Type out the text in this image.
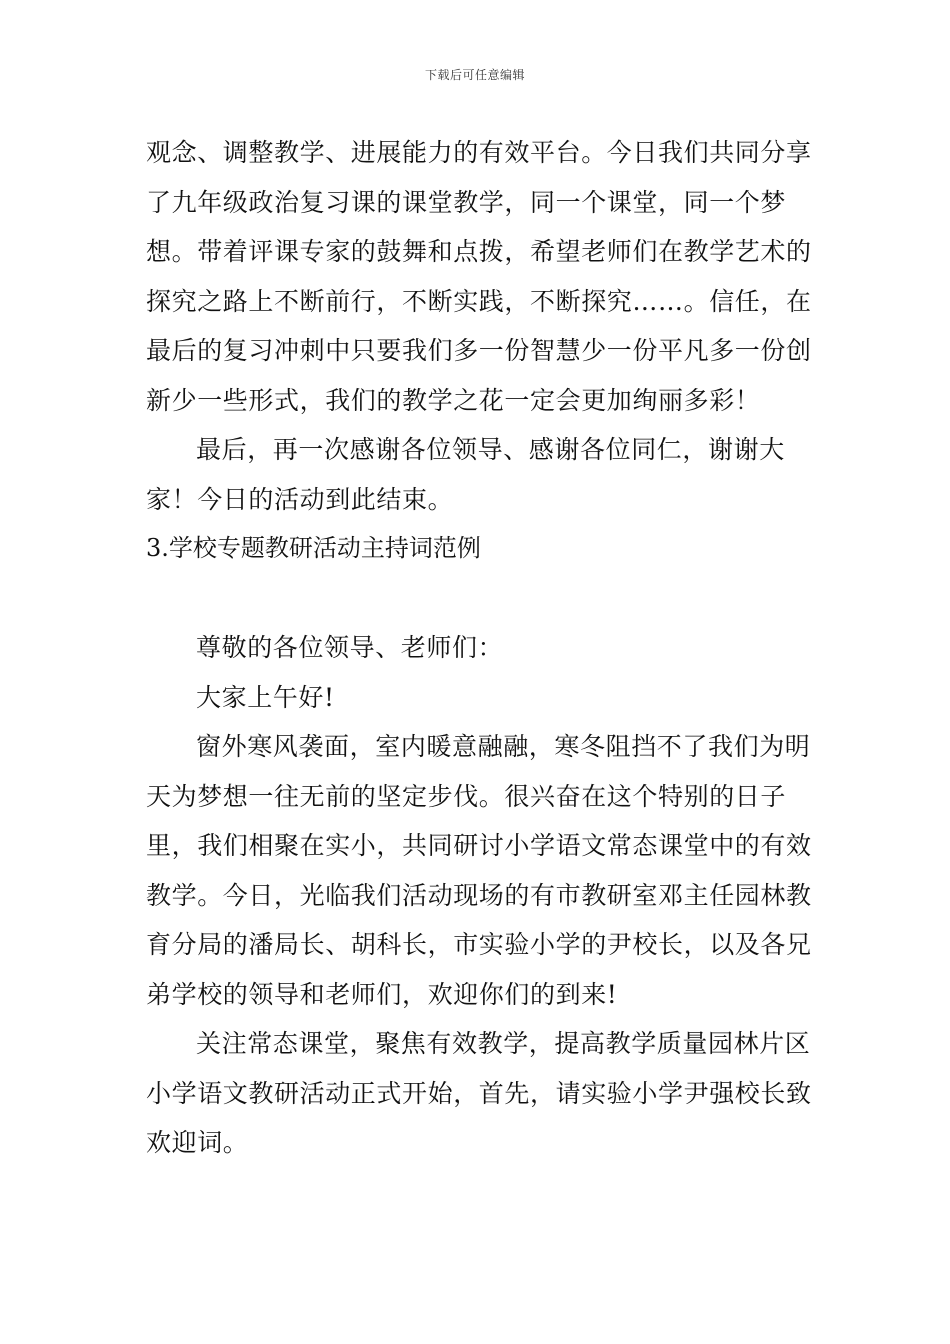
下载后可任意编辑

观念、调整教学、进展能力的有效平台。今日我们共同分享了九年级政治复习课的课堂教学，同一个课堂，同一个梦想。带着评课专家的鼓舞和点拨，希望老师们在教学艺术的探究之路上不断前行，不断实践，不断探究……。信任，在最后的复习冲刺中只要我们多一份智慧少一份平凡多一份创新少一些形式，我们的教学之花一定会更加绚丽多彩！

最后，再一次感谢各位领导、感谢各位同仁，谢谢大家！今日的活动到此结束。

3.学校专题教研活动主持词范例

尊敬的各位领导、老师们：

大家上午好!

窗外寒风袭面，室内暖意融融，寒冬阻挡不了我们为明天为梦想一往无前的坚定步伐。很兴奋在这个特别的日子里，我们相聚在实小，共同研讨小学语文常态课堂中的有效教学。今日，光临我们活动现场的有市教研室邓主任园林教育分局的潘局长、胡科长，市实验小学的尹校长，以及各兄弟学校的领导和老师们，欢迎你们的到来!

关注常态课堂，聚焦有效教学，提高教学质量园林片区小学语文教研活动正式开始，首先，请实验小学尹强校长致欢迎词。
